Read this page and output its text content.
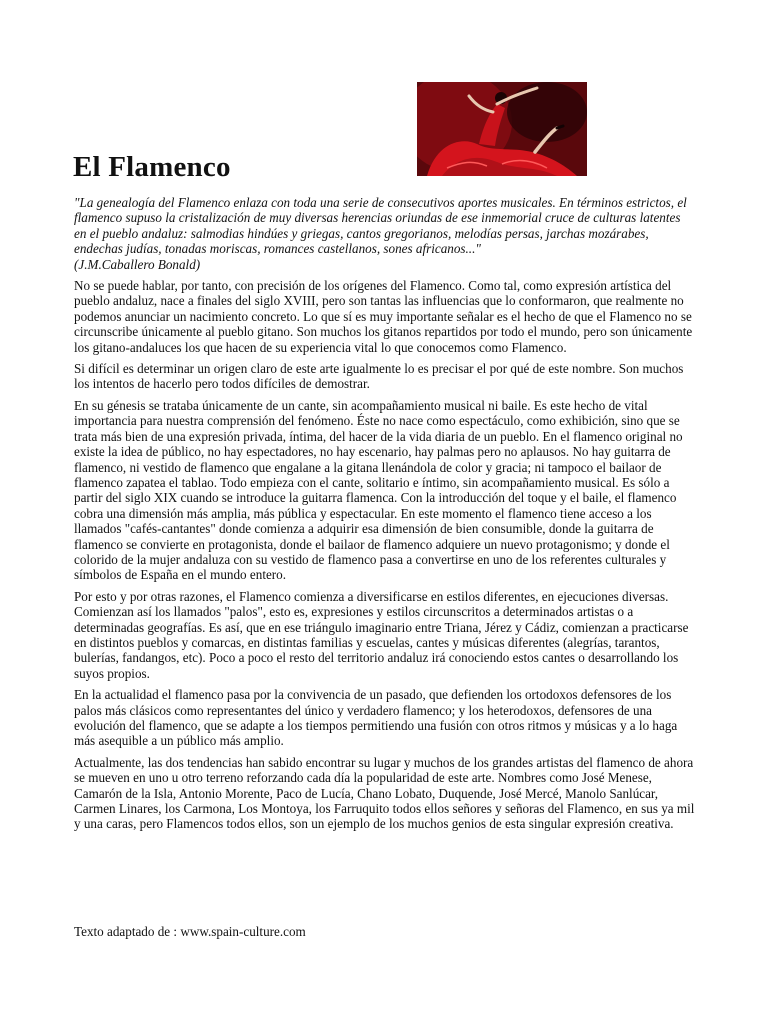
El Flamenco

"La genealogía del Flamenco enlaza con toda una serie de consecutivos aportes musicales. En términos estrictos, el flamenco supuso la cristalización de muy diversas herencias oriundas de ese inmemorial cruce de culturas latentes en el pueblo andaluz: salmodias hindúes y griegas, cantos gregorianos, melodías persas, jarchas mozárabes, endechas judías, tonadas moriscas, romances castellanos, sones africanos..."

(J.M.Caballero Bonald)

No se puede hablar, por tanto, con precisión de los orígenes del Flamenco. Como tal, como expresión artística del pueblo andaluz, nace a finales del siglo XVIII, pero son tantas las influencias que lo conformaron, que realmente no podemos anunciar un nacimiento concreto. Lo que sí es muy importante señalar es el hecho de que el Flamenco no se circunscribe únicamente al pueblo gitano. Son muchos los gitanos repartidos por todo el mundo, pero son únicamente los gitano-andaluces los que hacen de su experiencia vital lo que conocemos como Flamenco.

Si difícil es determinar un origen claro de este arte igualmente lo es precisar el por qué de este nombre. Son muchos los intentos de hacerlo pero todos difíciles de demostrar.

En su génesis se trataba únicamente de un cante, sin acompañamiento musical ni baile. Es este hecho de vital importancia para nuestra comprensión del fenómeno. Éste no nace como espectáculo, como exhibición, sino que se trata más bien de una expresión privada, íntima, del hacer de la vida diaria de un pueblo. En el flamenco original no existe la idea de público, no hay espectadores, no hay escenario, hay palmas pero no aplausos. No hay guitarra de flamenco, ni vestido de flamenco que engalane a la gitana llenándola de color y gracia; ni tampoco el bailaor de flamenco zapatea el tablao. Todo empieza con el cante, solitario e íntimo, sin acompañamiento musical. Es sólo a partir del siglo XIX cuando se introduce la guitarra flamenca. Con la introducción del toque y el baile, el flamenco cobra una dimensión más amplia, más pública y espectacular. En este momento el flamenco tiene acceso a los llamados "cafés-cantantes" donde comienza a adquirir esa dimensión de bien consumible, donde la guitarra de flamenco se convierte en protagonista, donde el bailaor de flamenco adquiere un nuevo protagonismo; y donde el colorido de la mujer andaluza con su vestido de flamenco pasa a convertirse en uno de los referentes culturales y símbolos de España en el mundo entero.

Por esto y por otras razones, el Flamenco comienza a diversificarse en estilos diferentes, en ejecuciones diversas. Comienzan así los llamados "palos", esto es, expresiones y estilos circunscritos a determinados artistas o a determinadas geografías. Es así, que en ese triángulo imaginario entre Triana, Jérez y Cádiz, comienzan a practicarse en distintos pueblos y comarcas, en distintas familias y escuelas, cantes y músicas diferentes (alegrías, tarantos, bulerías, fandangos, etc). Poco a poco el resto del territorio andaluz irá conociendo estos cantes o desarrollando los suyos propios.

En la actualidad el flamenco pasa por la convivencia de un pasado, que defienden los ortodoxos defensores de los palos más clásicos como representantes del único y verdadero flamenco; y los heterodoxos, defensores de una evolución del flamenco, que se adapte a los tiempos permitiendo una fusión con otros ritmos y músicas y a lo haga más asequible a un público más amplio.

Actualmente, las dos tendencias han sabido encontrar su lugar y muchos de los grandes artistas del flamenco de ahora se mueven en uno u otro terreno reforzando cada día la popularidad de este arte. Nombres como José Menese, Camarón de la Isla, Antonio Morente, Paco de Lucía, Chano Lobato, Duquende, José Mercé, Manolo Sanlúcar, Carmen Linares, los Carmona, Los Montoya, los Farruquito todos ellos señores y señoras del Flamenco, en sus ya mil y una caras, pero Flamencos todos ellos, son un ejemplo de los muchos genios de esta singular expresión creativa.

Texto adaptado de : www.spain-culture.com
